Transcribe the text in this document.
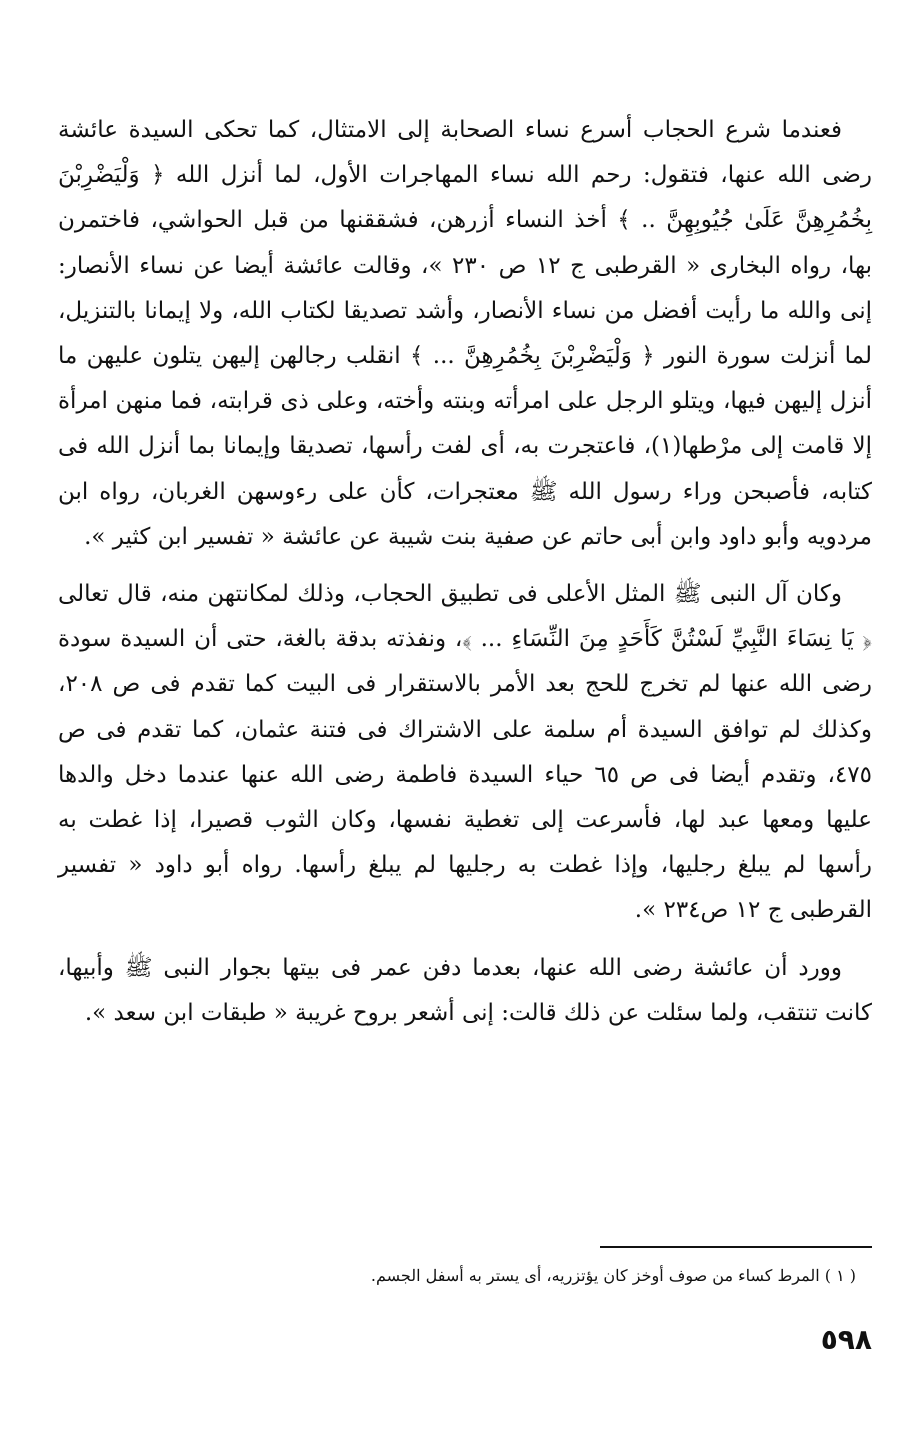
فعندما شرع الحجاب أسرع نساء الصحابة إلى الامتثال، كما تحكى السيدة عائشة رضى الله عنها، فتقول: رحم الله نساء المهاجرات الأول، لما أنزل الله ﴿ وَلْيَضْرِبْنَ بِخُمُرِهِنَّ عَلَىٰ جُيُوبِهِنَّ .. ﴾ أخذ النساء أزرهن، فشققنها من قبل الحواشي، فاختمرن بها، رواه البخارى « القرطبى ج ١٢ ص ٢٣٠ »، وقالت عائشة أيضا عن نساء الأنصار: إنى والله ما رأيت أفضل من نساء الأنصار، وأشد تصديقا لكتاب الله، ولا إيمانا بالتنزيل، لما أنزلت سورة النور ﴿ وَلْيَضْرِبْنَ بِخُمُرِهِنَّ ... ﴾ انقلب رجالهن إليهن يتلون عليهن ما أنزل إليهن فيها، ويتلو الرجل على امرأته وبنته وأخته، وعلى ذى قرابته، فما منهن امرأة إلا قامت إلى مرْطها(١)، فاعتجرت به، أى لفت رأسها، تصديقا وإيمانا بما أنزل الله فى كتابه، فأصبحن وراء رسول الله ﷺ معتجرات، كأن على رءوسهن الغربان، رواه ابن مردويه وأبو داود وابن أبى حاتم عن صفية بنت شيبة عن عائشة « تفسير ابن كثير ».

وكان آل النبى ﷺ المثل الأعلى فى تطبيق الحجاب، وذلك لمكانتهن منه، قال تعالى ﴿ يَا نِسَاءَ النَّبِيِّ لَسْتُنَّ كَأَحَدٍ مِنَ النِّسَاءِ ... ﴾، ونفذته بدقة بالغة، حتى أن السيدة سودة رضى الله عنها لم تخرج للحج بعد الأمر بالاستقرار فى البيت كما تقدم فى ص ٢٠٨، وكذلك لم توافق السيدة أم سلمة على الاشتراك فى فتنة عثمان، كما تقدم فى ص ٤٧٥، وتقدم أيضا فى ص ٦٥ حياء السيدة فاطمة رضى الله عنها عندما دخل والدها عليها ومعها عبد لها، فأسرعت إلى تغطية نفسها، وكان الثوب قصيرا، إذا غطت به رأسها لم يبلغ رجليها، وإذا غطت به رجليها لم يبلغ رأسها. رواه أبو داود « تفسير القرطبى ج ١٢ ص٢٣٤ ».

وورد أن عائشة رضى الله عنها، بعدما دفن عمر فى بيتها بجوار النبى ﷺ وأبيها، كانت تنتقب، ولما سئلت عن ذلك قالت: إنى أشعر بروح غريبة « طبقات ابن سعد ».

( ١ ) المرط كساء من صوف أوخز كان يؤتزريه، أى يستر به أسفل الجسم.

٥٩٨
